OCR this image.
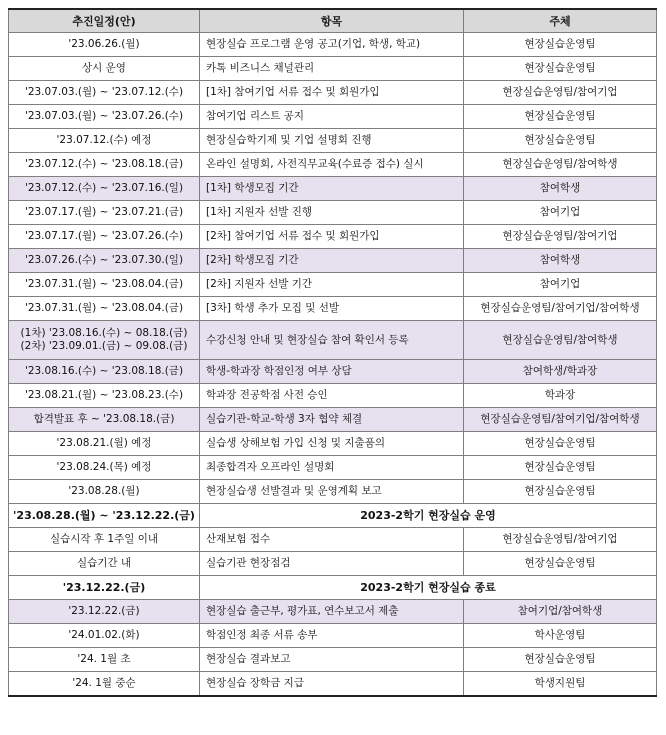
추진일정(안)	항목	주체
'23.06.26.(월)	현장실습 프로그램 운영 공고(기업, 학생, 학교)	현장실습운영팀
상시 운영	카톡 비즈니스 채널관리	현장실습운영팀
'23.07.03.(월) ~ '23.07.12.(수)	[1차] 참여기업 서류 접수 및 회원가입	현장실습운영팀/참여기업
'23.07.03.(월) ~ '23.07.26.(수)	참여기업 리스트 공지	현장실습운영팀
'23.07.12.(수) 예정	현장실습학기제 및 기업 설명회 진행	현장실습운영팀
'23.07.12.(수) ~ '23.08.18.(금)	온라인 설명회, 사전직무교육(수료증 접수) 실시	현장실습운영팀/참여학생
'23.07.12.(수) ~ '23.07.16.(일)	[1차] 학생모집 기간	참여학생
'23.07.17.(월) ~ '23.07.21.(금)	[1차] 지원자 선발 진행	참여기업
'23.07.17.(월) ~ '23.07.26.(수)	[2차] 참여기업 서류 접수 및 회원가입	현장실습운영팀/참여기업
'23.07.26.(수) ~ '23.07.30.(일)	[2차] 학생모집 기간	참여학생
'23.07.31.(월) ~ '23.08.04.(금)	[2차] 지원자 선발 기간	참여기업
'23.07.31.(월) ~ '23.08.04.(금)	[3차] 학생 추가 모집 및 선발	현장실습운영팀/참여기업/참여학생

(1차) '23.08.16.(수) ~ 08.18.(금)
(2차) '23.09.01.(금) ~ 09.08.(금)	수강신청 안내 및 현장실습 참여 확인서 등록	현장실습운영팀/참여학생
'23.08.16.(수) ~ '23.08.18.(금)	학생-학과장 학점인정 여부 상담	참여학생/학과장
'23.08.21.(월) ~ '23.08.23.(수)	학과장 전공학점 사전 승인	학과장
합격발표 후 ~ '23.08.18.(금)	실습기관-학교-학생 3자 협약 체결	현장실습운영팀/참여기업/참여학생
'23.08.21.(월) 예정	실습생 상해보험 가입 신청 및 지출품의	현장실습운영팀
'23.08.24.(목) 예정	최종합격자 오프라인 설명회	현장실습운영팀
'23.08.28.(월)	현장실습생 선발결과 및 운영계획 보고	현장실습운영팀
'23.08.28.(월) ~ '23.12.22.(금)	2023-2학기 현장실습 운영	
실습시작 후 1주일 이내	산재보험 접수	현장실습운영팀/참여기업
실습기간 내	실습기관 현장점검	현장실습운영팀
'23.12.22.(금)	2023-2학기 현장실습 종료	
'23.12.22.(금)	현장실습 출근부, 평가표, 연수보고서 제출	참여기업/참여학생
'24.01.02.(화)	학점인정 최종 서류 송부	학사운영팀
'24. 1월 초	현장실습 결과보고	현장실습운영팀
'24. 1월 중순	현장실습 장학금 지급	학생지원팀
